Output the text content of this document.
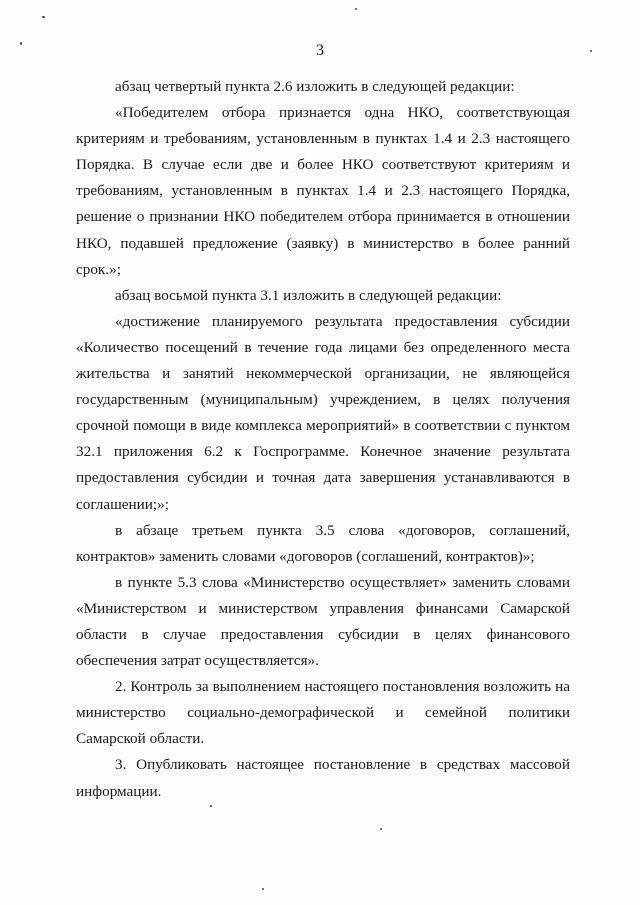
3

абзац четвертый пункта 2.6 изложить в следующей редакции:

«Победителем отбора признается одна НКО, соответствующая критериям и требованиям, установленным в пунктах 1.4 и 2.3 настоящего Порядка. В случае если две и более НКО соответствуют критериям и требованиям, установленным в пунктах 1.4 и 2.3 настоящего Порядка, решение о признании НКО победителем отбора принимается в отношении НКО, подавшей предложение (заявку) в министерство в более ранний срок.»;

абзац восьмой пункта 3.1 изложить в следующей редакции:

«достижение планируемого результата предоставления субсидии «Количество посещений в течение года лицами без определенного места жительства и занятий некоммерческой организации, не являющейся государственным (муниципальным) учреждением, в целях получения срочной помощи в виде комплекса мероприятий» в соответствии с пунктом 32.1 приложения 6.2 к Госпрограмме. Конечное значение результата предоставления субсидии и точная дата завершения устанавливаются в соглашении;»;

в абзаце третьем пункта 3.5 слова «договоров, соглашений, контрактов» заменить словами «договоров (соглашений, контрактов)»;

в пункте 5.3 слова «Министерство осуществляет» заменить словами «Министерством и министерством управления финансами Самарской области в случае предоставления субсидии в целях финансового обеспечения затрат осуществляется».

2. Контроль за выполнением настоящего постановления возложить на министерство социально-демографической и семейной политики Самарской области.

3. Опубликовать настоящее постановление в средствах массовой информации.
